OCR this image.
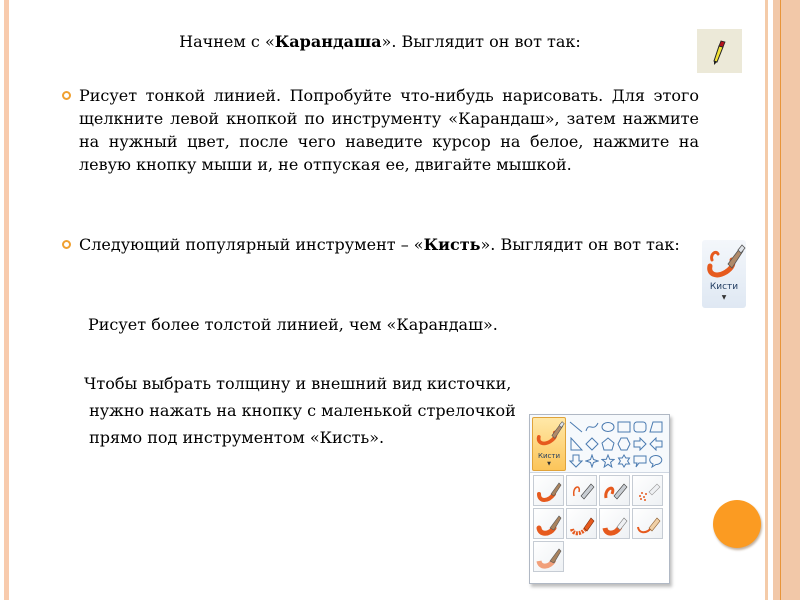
Начнем с «Карандаша». Выглядит он вот так:
Рисует тонкой линией. Попробуйте что-нибудь нарисовать. Для этого щелкните левой кнопкой по инструменту «Карандаш», затем нажмите на нужный цвет, после чего наведите курсор на белое, нажмите на левую кнопку мыши и, не отпуская ее, двигайте мышкой.
Следующий популярный инструмент – «Кисть». Выглядит он вот так:
Кисти
▼
Рисует более толстой линией, чем «Карандаш».
Чтобы выбрать толщину и внешний вид кисточки,
нужно нажать на кнопку с маленькой стрелочкой
прямо под инструментом «Кисть».
Кисти
▼
